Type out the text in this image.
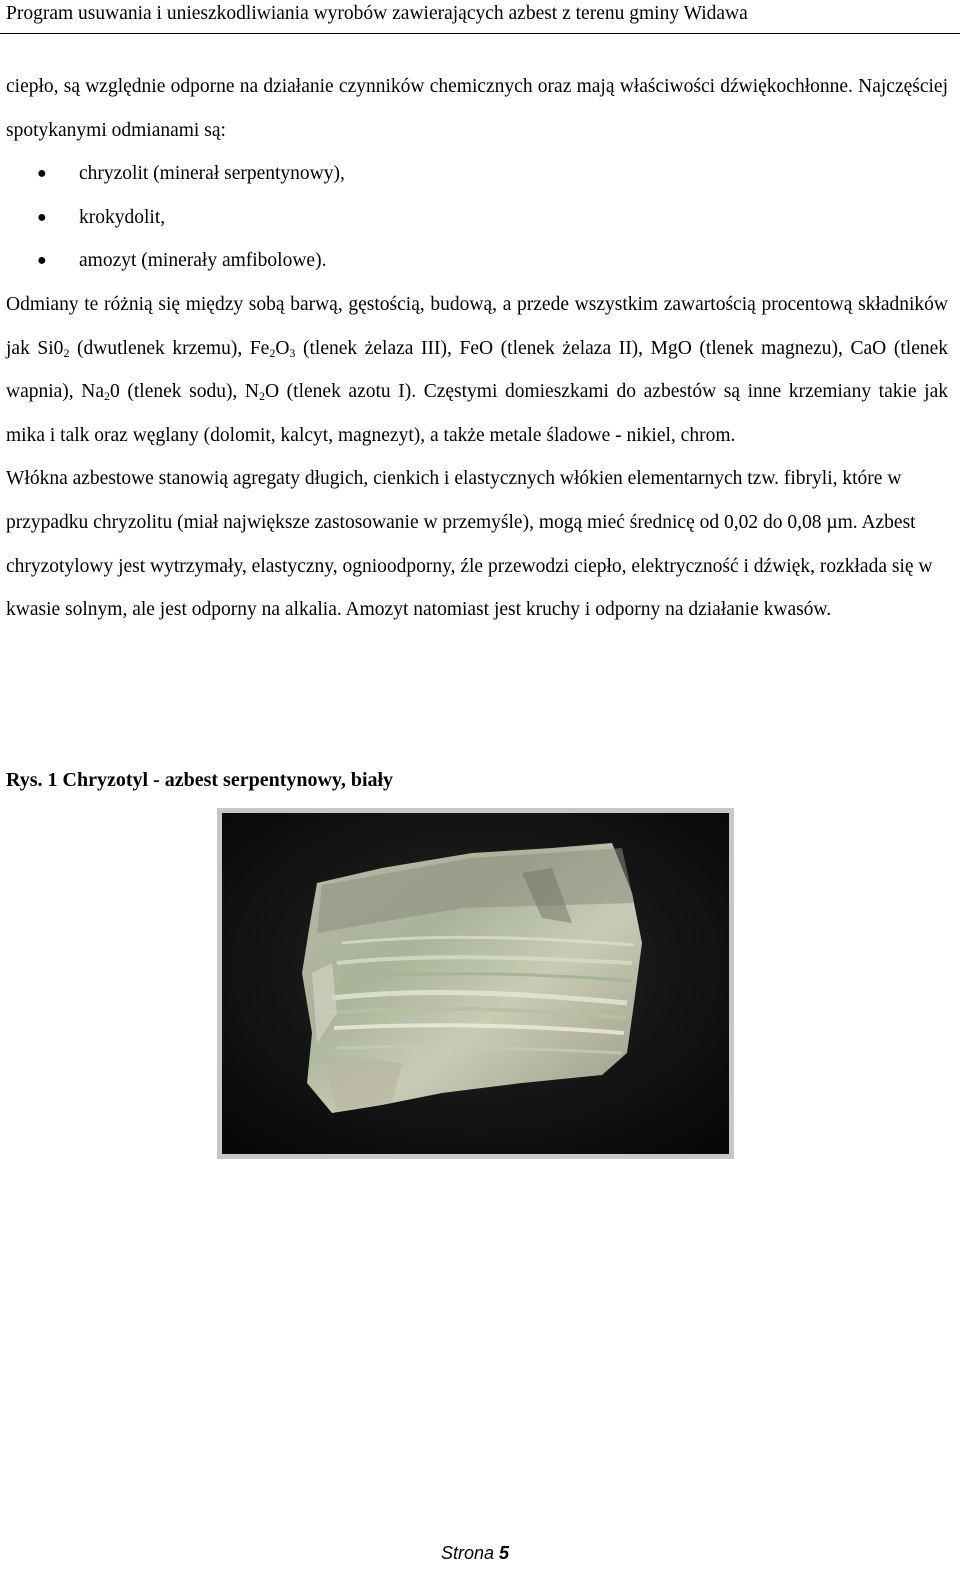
Program usuwania i unieszkodliwiania wyrobów zawierających azbest z terenu gminy Widawa

ciepło, są względnie odporne na działanie czynników chemicznych oraz mają właściwości dźwiękochłonne. Najczęściej spotykanymi odmianami są:

● chryzolit (minerał serpentynowy),
● krokydolit,
● amozyt (minerały amfibolowe).

Odmiany te różnią się między sobą barwą, gęstością, budową, a przede wszystkim zawartością procentową składników jak $Si0_2$ (dwutlenek krzemu), $Fe_2O_3$ (tlenek żelaza III), FeO (tlenek żelaza II), MgO (tlenek magnezu), CaO (tlenek wapnia), $Na_20$ (tlenek sodu), $N_2O$ (tlenek azotu I). Częstymi domieszkami do azbestów są inne krzemiany takie jak mika i talk oraz węglany (dolomit, kalcyt, magnezyt), a także metale śladowe - nikiel, chrom.

Włókna azbestowe stanowią agregaty długich, cienkich i elastycznych włókien elementarnych tzw. fibryli, które w przypadku chryzolitu (miał największe zastosowanie w przemyśle), mogą mieć średnicę od 0,02 do 0,08 µm. Azbest chryzotylowy jest wytrzymały, elastyczny, ognioodporny, źle przewodzi ciepło, elektryczność i dźwięk, rozkłada się w kwasie solnym, ale jest odporny na alkalia. Amozyt natomiast jest kruchy i odporny na działanie kwasów.

Rys. 1 Chryzotyl - azbest serpentynowy, biały
Strona 5
